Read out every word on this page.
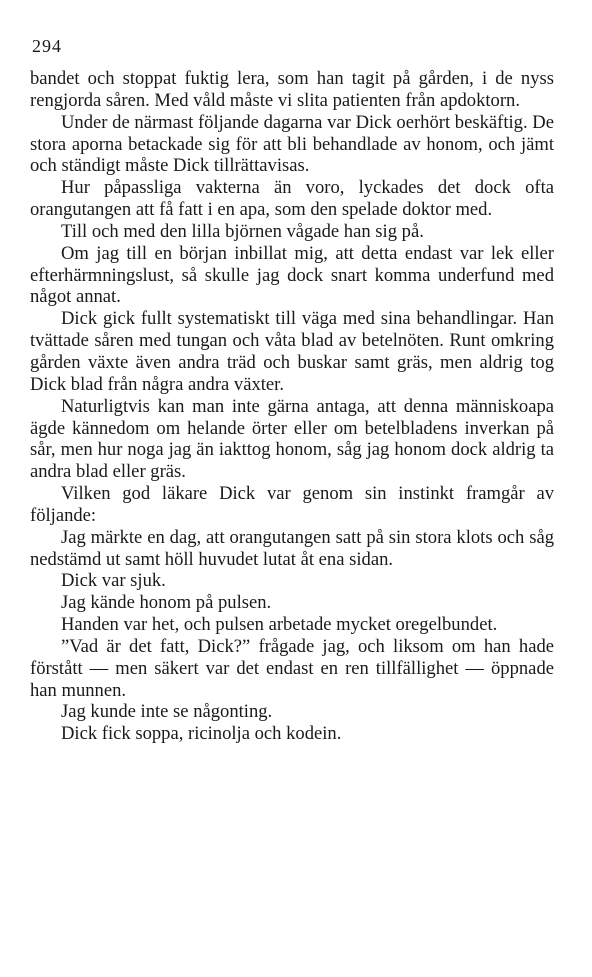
294

bandet och stoppat fuktig lera, som han tagit på gården, i de nyss rengjorda såren. Med våld måste vi slita patienten från apdoktorn.

Under de närmast följande dagarna var Dick oerhört beskäftig. De stora aporna betackade sig för att bli behandlade av honom, och jämt och ständigt måste Dick tillrättavisas.

Hur påpassliga vakterna än voro, lyckades det dock ofta orangutangen att få fatt i en apa, som den spelade doktor med.

Till och med den lilla björnen vågade han sig på.

Om jag till en början inbillat mig, att detta endast var lek eller efterhärmningslust, så skulle jag dock snart komma underfund med något annat.

Dick gick fullt systematiskt till väga med sina behandlingar. Han tvättade såren med tungan och våta blad av betelnöten. Runt omkring gården växte även andra träd och buskar samt gräs, men aldrig tog Dick blad från några andra växter.

Naturligtvis kan man inte gärna antaga, att denna människoapa ägde kännedom om helande örter eller om betelbladens inverkan på sår, men hur noga jag än iakttog honom, såg jag honom dock aldrig ta andra blad eller gräs.

Vilken god läkare Dick var genom sin instinkt framgår av följande:

Jag märkte en dag, att orangutangen satt på sin stora klots och såg nedstämd ut samt höll huvudet lutat åt ena sidan.

Dick var sjuk.

Jag kände honom på pulsen.

Handen var het, och pulsen arbetade mycket oregelbundet.

”Vad är det fatt, Dick?” frågade jag, och liksom om han hade förstått — men säkert var det endast en ren tillfällighet — öppnade han munnen.

Jag kunde inte se någonting.

Dick fick soppa, ricinolja och kodein.
